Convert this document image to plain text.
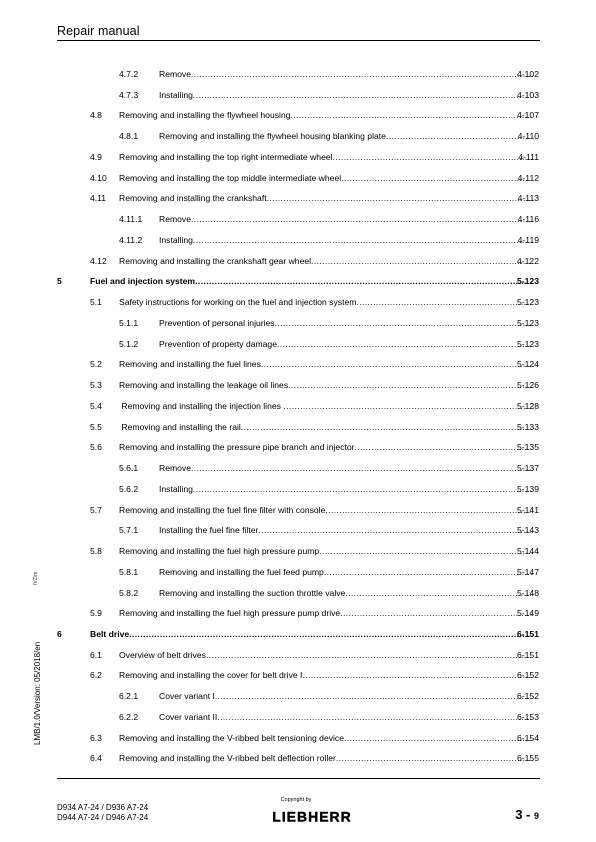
Repair manual
4.7.2 Remove .....	4-102
4.7.3 Installing .....	4-103
4.8 Removing and installing the flywheel housing .....	4-107
4.8.1 Removing and installing the flywheel housing blanking plate .....	4-110
4.9 Removing and installing the top right intermediate wheel .....	4-111
4.10 Removing and installing the top middle intermediate wheel .....	4-112
4.11 Removing and installing the crankshaft .....	4-113
4.11.1 Remove .....	4-116
4.11.2 Installing .....	4-119
4.12 Removing and installing the crankshaft gear wheel .....	4-122
5	Fuel and injection system .....	5-123
5.1 Safety instructions for working on the fuel and injection system .....	5-123
5.1.1 Prevention of personal injuries .....	5-123
5.1.2 Prevention of property damage .....	5-123
5.2 Removing and installing the fuel lines .....	5-124
5.3 Removing and installing the leakage oil lines .....	5-126
5.4 Removing and installing the injection lines  .....	5-128
5.5 Removing and installing the rail .....	5-133
5.6 Removing and installing the pressure pipe branch and injector .....	5-135
5.6.1 Remove .....	5-137
5.6.2 Installing .....	5-139
5.7 Removing and installing the fuel fine filter with console .....	5-141
5.7.1 Installing the fuel fine filter .....	5-143
5.8 Removing and installing the fuel high pressure pump .....	5-144
5.8.1 Removing and installing the fuel feed pump .....	5-147
5.8.2 Removing and installing the suction throttle valve .....	5-148
5.9 Removing and installing the fuel high pressure pump drive .....	5-149
6	Belt drive .....	6-151
6.1 Overview of belt drives .....	6-151
6.2 Removing and installing the cover for belt drive I .....	6-152
6.2.1 Cover variant I .....	6-152
6.2.2 Cover variant II .....	6-153
6.3 Removing and installing the V-ribbed belt tensioning device .....	6-154
6.4 Removing and installing the V-ribbed belt deflection roller .....	6-155
IVZ/m
LMB/1.0/Version: 05/2018/en
D934 A7-24 / D936 A7-24
D944 A7-24 / D946 A7-24
Copyright by
LIEBHERR	3 - 9
